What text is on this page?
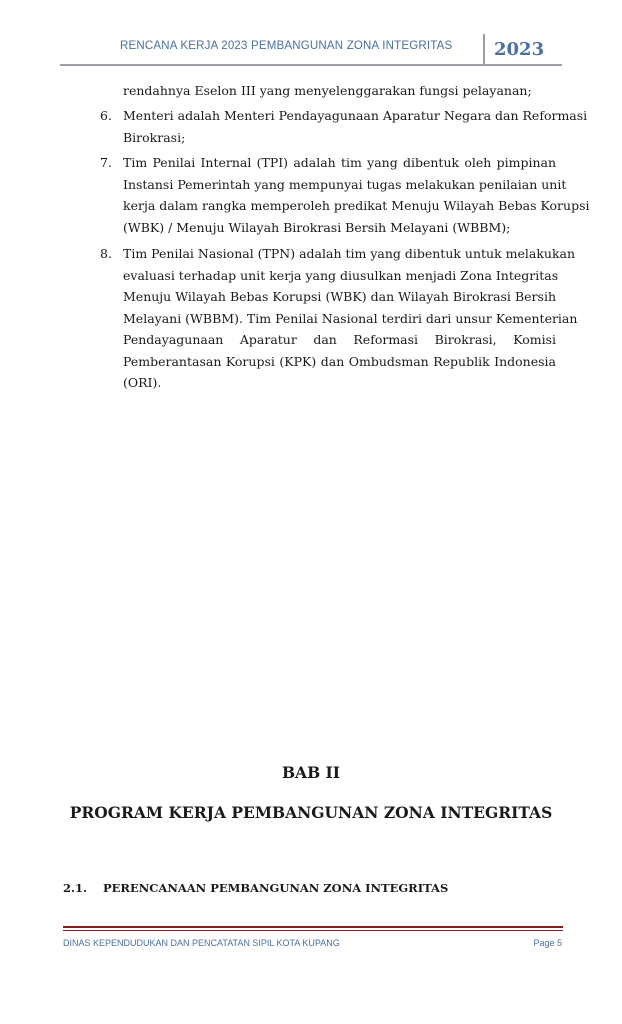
RENCANA KERJA 2023 PEMBANGUNAN ZONA INTEGRITAS 2023
rendahnya Eselon III yang menyelenggarakan fungsi pelayanan;
6. Menteri adalah Menteri Pendayagunaan Aparatur Negara dan Reformasi
Birokrasi;
7. Tim Penilai Internal (TPI) adalah tim yang dibentuk oleh pimpinan
Instansi Pemerintah yang mempunyai tugas melakukan penilaian unit
kerja dalam rangka memperoleh predikat Menuju Wilayah Bebas Korupsi
(WBK) / Menuju Wilayah Birokrasi Bersih Melayani (WBBM);
8. Tim Penilai Nasional (TPN) adalah tim yang dibentuk untuk melakukan
evaluasi terhadap unit kerja yang diusulkan menjadi Zona Integritas
Menuju Wilayah Bebas Korupsi (WBK) dan Wilayah Birokrasi Bersih
Melayani (WBBM). Tim Penilai Nasional terdiri dari unsur Kementerian
Pendayagunaan Aparatur dan Reformasi Birokrasi, Komisi
Pemberantasan Korupsi (KPK) dan Ombudsman Republik Indonesia
(ORI).
BAB II
PROGRAM KERJA PEMBANGUNAN ZONA INTEGRITAS
2.1. PERENCANAAN PEMBANGUNAN ZONA INTEGRITAS
DINAS KEPENDUDUKAN DAN PENCATATAN SIPIL KOTA KUPANG	Page 5
